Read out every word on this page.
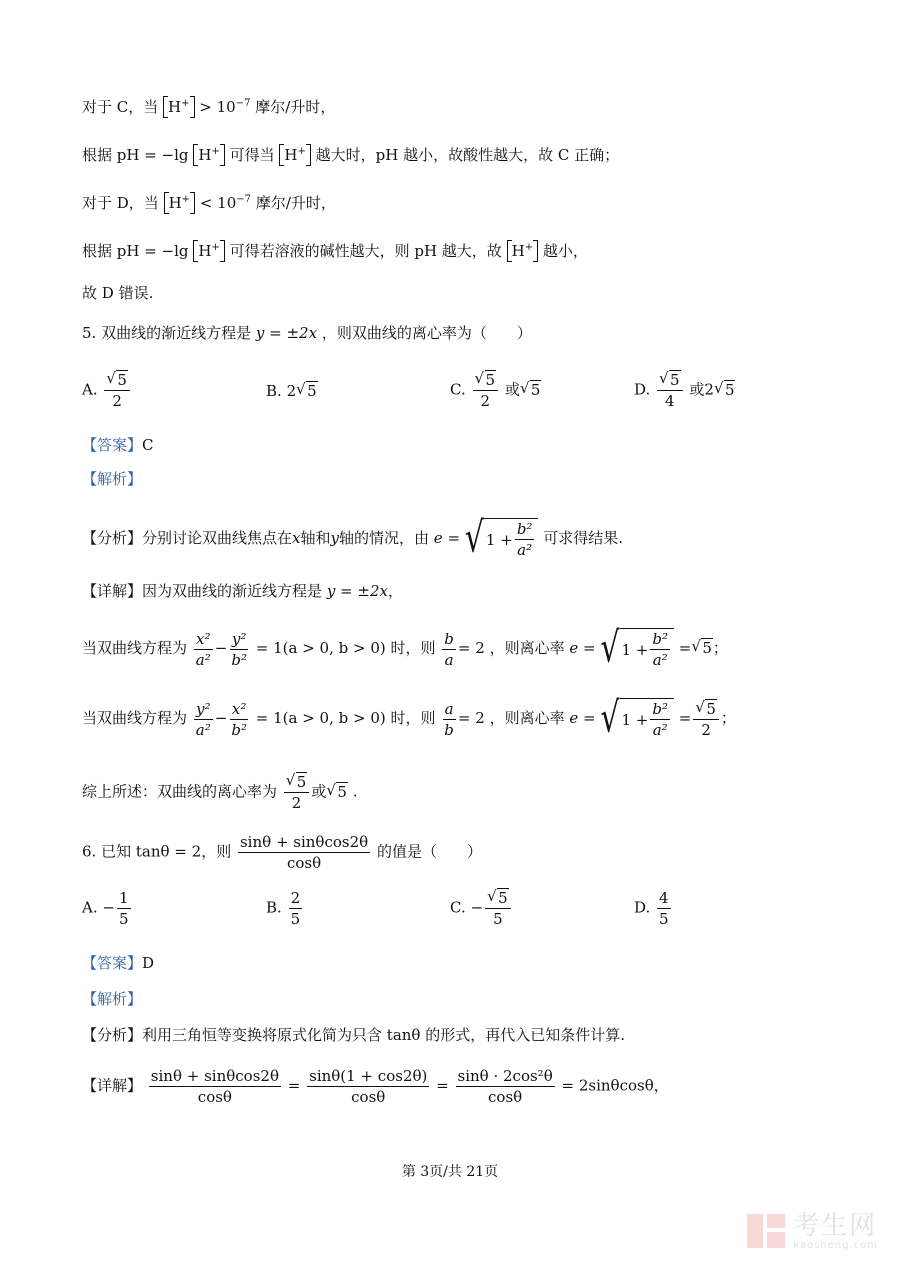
对于 C，当 $H^+ > 10^{-7}$ 摩尔/升时，
根据 pH = −lg H+ 可得当 H+ 越大时，pH 越小，故酸性越大，故 C 正确；
对于 D，当 $H^+ < 10^{-7}$ 摩尔/升时，
根据 pH = −lg H+ 可得若溶液的碱性越大，则 pH 越大，故 H+ 越小，
故 D 错误.
5. 双曲线的渐近线方程是 y = ±2x ，则双曲线的离心率为（　　）
A. √ $\frac{5}{2}$	B. 2 √ 5	C. √ $\frac{5}{2}$ 或 √ 5	D. √ $\frac{5}{4}$ 或2 √ 5
【答案】C
【解析】
【分析】分别讨论双曲线焦点在x轴和y轴的情况，由 e = √ $1 + \frac{\text{b²}}{\text{a²}}$ 可求得结果.
【详解】因为双曲线的渐近线方程是 y = ±2x，
当双曲线方程为 $\frac{\text{x²}}{\text{a²}} - \frac{\text{y²}}{\text{b²}} = 1(a > 0$, b > 0) 时，则 $\frac{b}{a} = 2$ ，则离心率 e = √ $1 + \frac{\text{b²}}{\text{a²}}$ = √ 5；
当双曲线方程为 $\frac{\text{y²}}{\text{a²}} - \frac{\text{x²}}{\text{b²}} = 1(a > 0$, b > 0) 时，则 $\frac{a}{b} = 2$ ，则离心率 e = √ $1 + \frac{\text{b²}}{\text{a²}}$ = √ $\frac{5}{2}$ ；
综上所述：双曲线的离心率为 √ $\frac{5}{2}$ 或 √ 5 .
6. 已知 tanθ = 2，则 $\frac{\sin\theta + \sin\theta\cos 2\theta}{\cos\theta}$ 的值是（　　）
A. − $\frac{1}{5}$	B. $\frac{2}{5}$	C. − √ $\frac{5}{5}$	D. $\frac{4}{5}$
【答案】D
【解析】
【分析】利用三角恒等变换将原式化简为只含 tanθ 的形式，再代入已知条件计算.
【详解】 $\frac{\sin\theta + \sin\theta\cos 2\theta}{\cos\theta} = \frac{\sin\theta(1 + \cos 2\theta)}{\cos\theta} = \frac{\text{sinθ · 2cos²θ}}{\cos\theta} = 2\sin\theta\cos\theta$，
第 3页/共 21页
考生网
kaosheng.com
